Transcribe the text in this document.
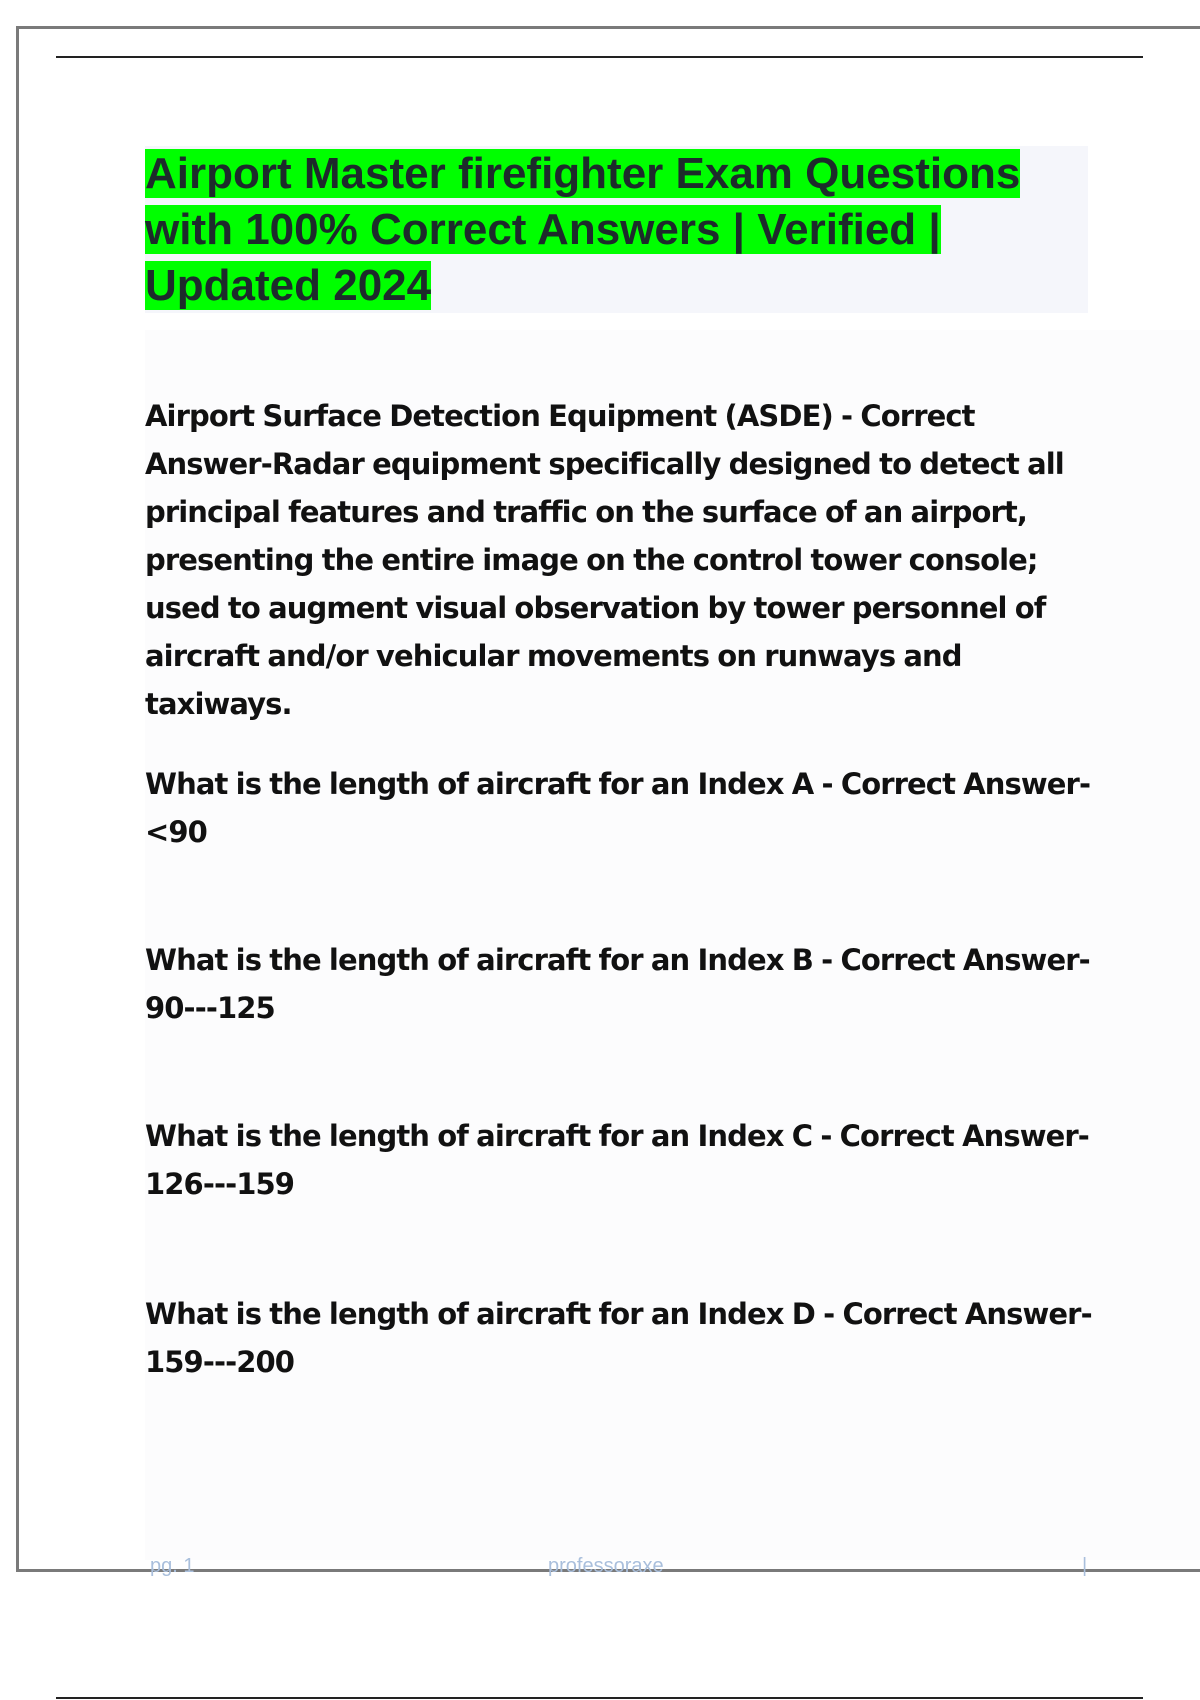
Airport Master firefighter Exam Questions with 100% Correct Answers | Verified | Updated 2024

Airport Surface Detection Equipment (ASDE) - Correct Answer-Radar equipment specifically designed to detect all principal features and traffic on the surface of an airport, presenting the entire image on the control tower console; used to augment visual observation by tower personnel of aircraft and/or vehicular movements on runways and taxiways.

What is the length of aircraft for an Index A - Correct Answer-<90

What is the length of aircraft for an Index B - Correct Answer-90---125

What is the length of aircraft for an Index C - Correct Answer-126---159

What is the length of aircraft for an Index D - Correct Answer-159---200

pg. 1	professoraxe	|
